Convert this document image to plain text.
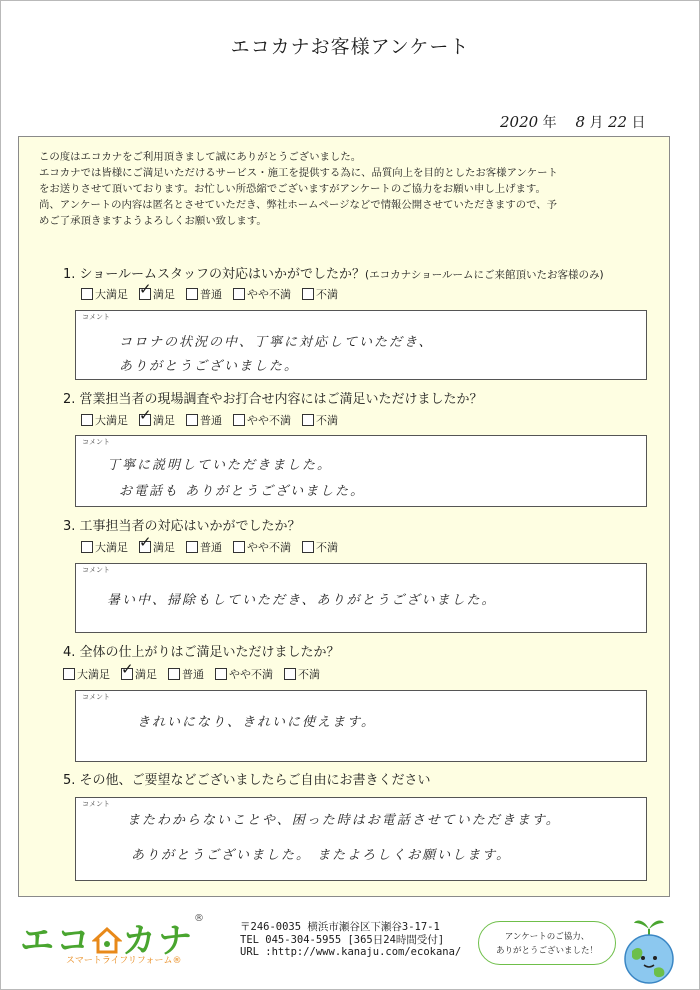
エコカナお客様アンケート
2020 年 8 月 22 日
この度はエコカナをご利用頂きまして誠にありがとうございました。
エコカナでは皆様にご満足いただけるサービス・施工を提供する為に、品質向上を目的としたお客様アンケート
をお送りさせて頂いております。お忙しい所恐縮でございますがアンケートのご協力をお願い申し上げます。
尚、アンケートの内容は匿名とさせていただき、弊社ホームページなどで情報公開させていただきますので、予
めご了承頂きますようよろしくお願い致します。
1. ショールームスタッフの対応はいかがでしたか？(エコカナショールームにご来館頂いたお客様のみ)
大満足 ✓ 満足 普通 やや不満 不満
コメント
コロナの状況の中、丁寧に対応していただき、
ありがとうございました。
2. 営業担当者の現場調査やお打合せ内容にはご満足いただけましたか？
大満足 ✓ 満足 普通 やや不満 不満
コメント
丁寧に説明していただきました。
お電話も ありがとうございました。
3. 工事担当者の対応はいかがでしたか？
大満足 ✓ 満足 普通 やや不満 不満
コメント
暑い中、掃除もしていただき、ありがとうございました。
4. 全体の仕上がりはご満足いただけましたか？
大満足 ✓ 満足 普通 やや不満 不満
コメント
きれいになり、きれいに使えます。
5. その他、ご要望などございましたらご自由にお書きください
コメント
またわからないことや、困った時はお電話させていただきます。
ありがとうございました。 またよろしくお願いします。
エコ カナ®
スマートライフリフォーム®
〒246-0035 横浜市瀬谷区下瀬谷3-17-1
TEL 045-304-5955 [365日24時間受付]
URL :http://www.kanaju.com/ecokana/
アンケートのご協力、
ありがとうございました！
